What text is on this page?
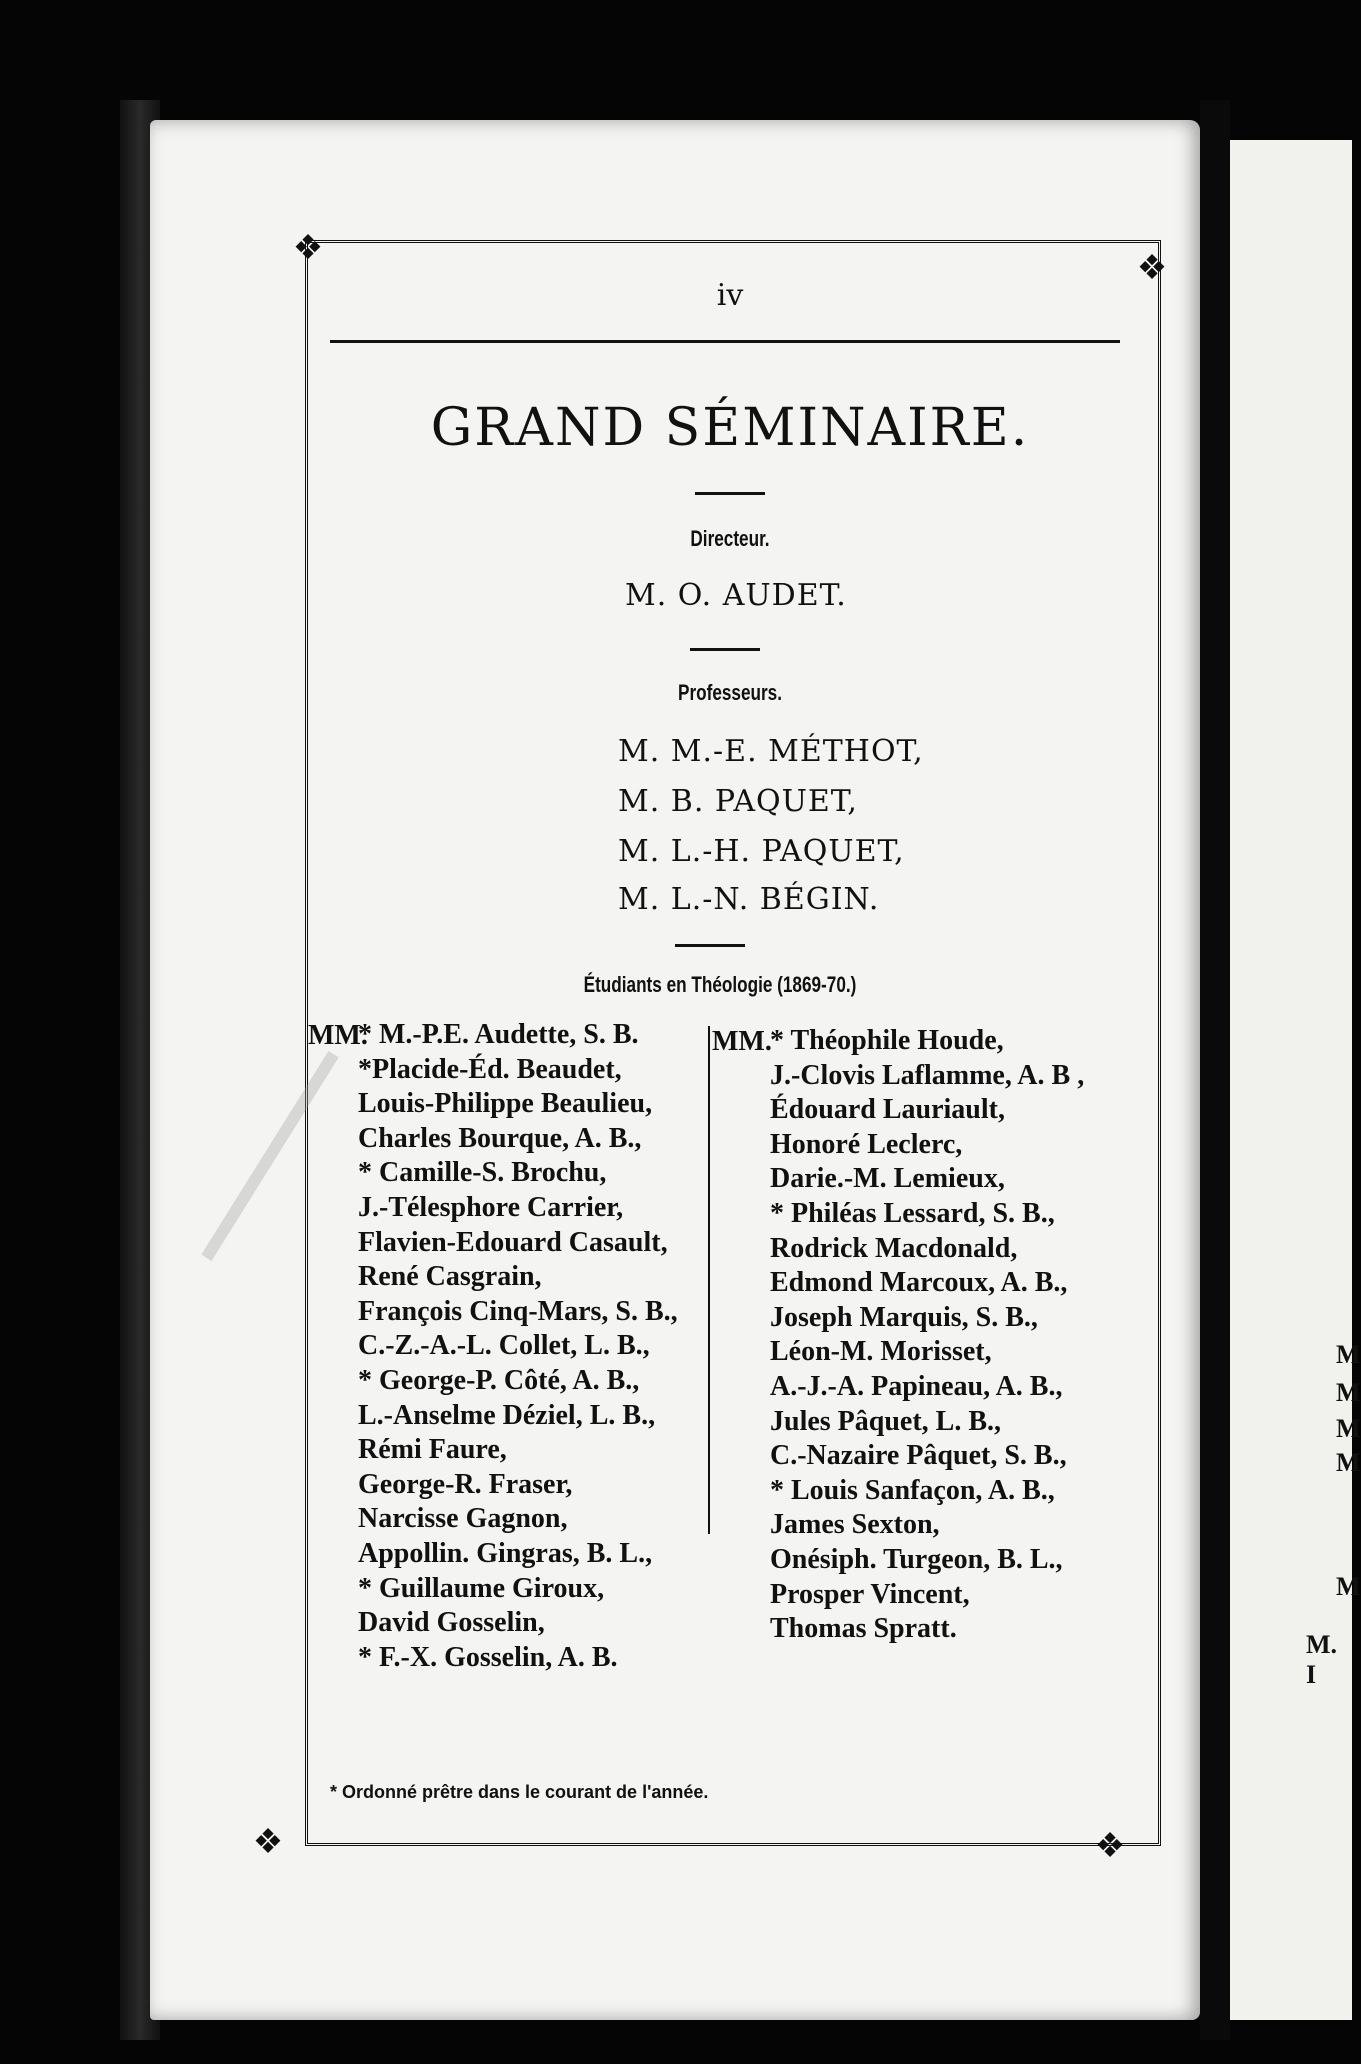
❖	❖
❖	❖
iv
GRAND SÉMINAIRE.
Directeur.
M. O. AUDET.
Professeurs.
M. M.-E. MÉTHOT,
M. B. PAQUET,
M. L.-H. PAQUET,
M. L.-N. BÉGIN.
Étudiants en Théologie (1869-70.)
MM.	MM.
* M.-P.E. Audette, S. B.
*Placide-Éd. Beaudet,
Louis-Philippe Beaulieu,
Charles Bourque, A. B.,
* Camille-S. Brochu,
J.-Télesphore Carrier,
Flavien-Edouard Casault,
René Casgrain,
François Cinq-Mars, S. B.,
C.-Z.-A.-L. Collet, L. B.,
* George-P. Côté, A. B.,
L.-Anselme Déziel, L. B.,
Rémi Faure,
George-R. Fraser,
Narcisse Gagnon,
Appollin. Gingras, B. L.,
* Guillaume Giroux,
David Gosselin,
* F.-X. Gosselin, A. B.
* Théophile Houde,
J.-Clovis Laflamme, A. B ,
Édouard Lauriault,
Honoré Leclerc,
Darie.-M. Lemieux,
* Philéas Lessard, S. B.,
Rodrick Macdonald,
Edmond Marcoux, A. B.,
Joseph Marquis, S. B.,
Léon-M. Morisset,
A.-J.-A. Papineau, A. B.,
Jules Pâquet, L. B.,
C.-Nazaire Pâquet, S. B.,
* Louis Sanfaçon, A. B.,
James Sexton,
Onésiph. Turgeon, B. L.,
Prosper Vincent,
Thomas Spratt.
* Ordonné prêtre dans le courant de l'année.
M
M
M
M
M
M. I
